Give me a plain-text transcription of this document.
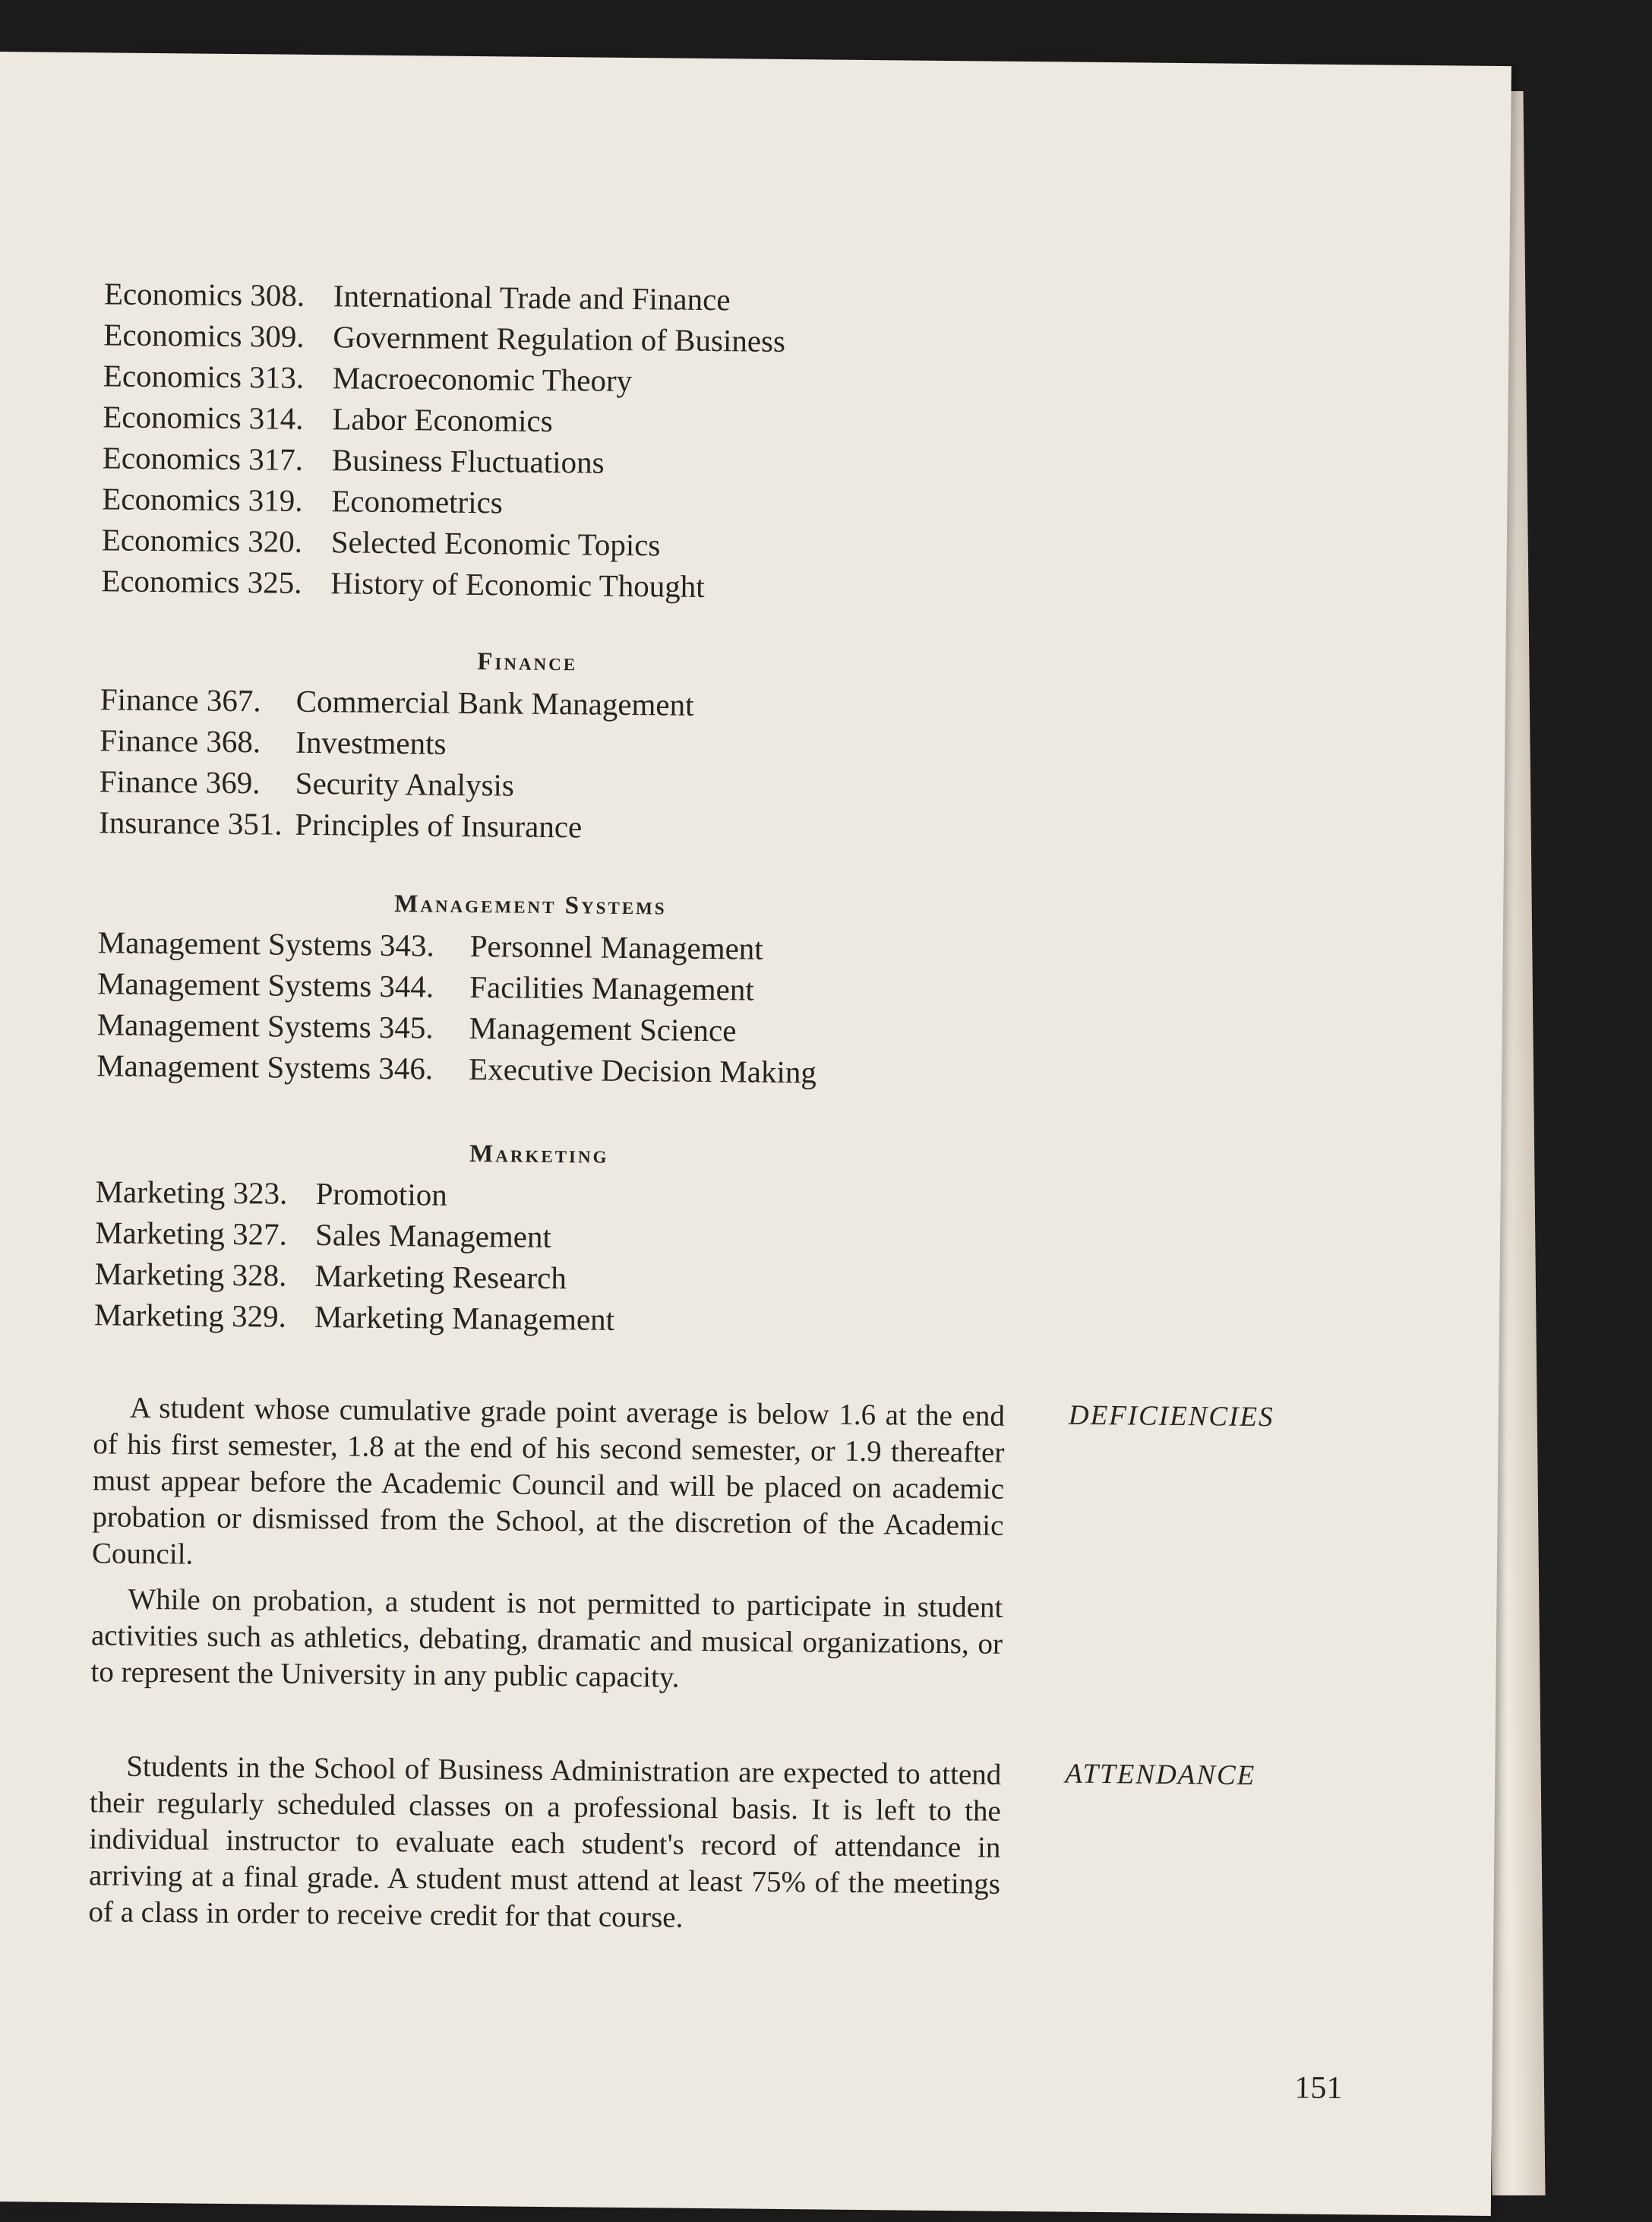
Economics 308. International Trade and Finance
Economics 309. Government Regulation of Business
Economics 313. Macroeconomic Theory
Economics 314. Labor Economics
Economics 317. Business Fluctuations
Economics 319. Econometrics
Economics 320. Selected Economic Topics
Economics 325. History of Economic Thought
Finance
Finance 367. Commercial Bank Management
Finance 368. Investments
Finance 369. Security Analysis
Insurance 351. Principles of Insurance
Management Systems
Management Systems 343. Personnel Management
Management Systems 344. Facilities Management
Management Systems 345. Management Science
Management Systems 346. Executive Decision Making
Marketing
Marketing 323. Promotion
Marketing 327. Sales Management
Marketing 328. Marketing Research
Marketing 329. Marketing Management

A student whose cumulative grade point average is below 1.6 at the end of his first semester, 1.8 at the end of his second semester, or 1.9 thereafter must appear before the Academic Council and will be placed on academic probation or dismissed from the School, at the discretion of the Academic Council.

While on probation, a student is not permitted to participate in student activities such as athletics, debating, dramatic and musical organizations, or to represent the University in any public capacity.

DEFICIENCIES

Students in the School of Business Administration are expected to attend their regularly scheduled classes on a professional basis. It is left to the individual instructor to evaluate each student's record of attendance in arriving at a final grade. A student must attend at least 75% of the meetings of a class in order to receive credit for that course.

ATTENDANCE
151
